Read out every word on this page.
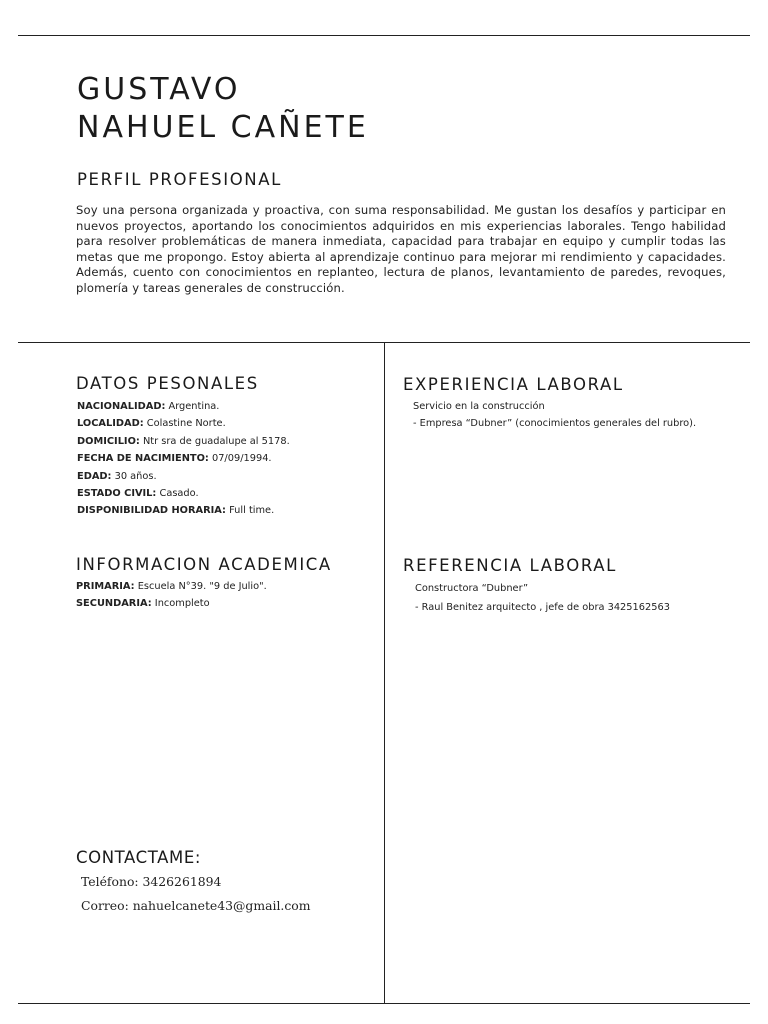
GUSTAVO
NAHUEL CAÑETE
PERFIL PROFESIONAL

Soy una persona organizada y proactiva, con suma responsabilidad. Me gustan los desafíos y participar en nuevos proyectos, aportando los conocimientos adquiridos en mis experiencias laborales. Tengo habilidad para resolver problemáticas de manera inmediata, capacidad para trabajar en equipo y cumplir todas las metas que me propongo. Estoy abierta al aprendizaje continuo para mejorar mi rendimiento y capacidades. Además, cuento con conocimientos en replanteo, lectura de planos, levantamiento de paredes, revoques, plomería y tareas generales de construcción.

DATOS PESONALES
NACIONALIDAD: Argentina.
LOCALIDAD: Colastine Norte.
DOMICILIO: Ntr sra de guadalupe al 5178.
FECHA DE NACIMIENTO: 07/09/1994.
EDAD: 30 años.
ESTADO CIVIL: Casado.
DISPONIBILIDAD HORARIA: Full time.
INFORMACION ACADEMICA
PRIMARIA: Escuela N°39. "9 de Julio".
SECUNDARIA: Incompleto
CONTACTAME:
Teléfono: 3426261894
Correo: nahuelcanete43@gmail.com
EXPERIENCIA LABORAL
Servicio en la construcción
- Empresa “Dubner” (conocimientos generales del rubro).
REFERENCIA LABORAL
Constructora “Dubner”
- Raul Benitez arquitecto , jefe de obra 3425162563
